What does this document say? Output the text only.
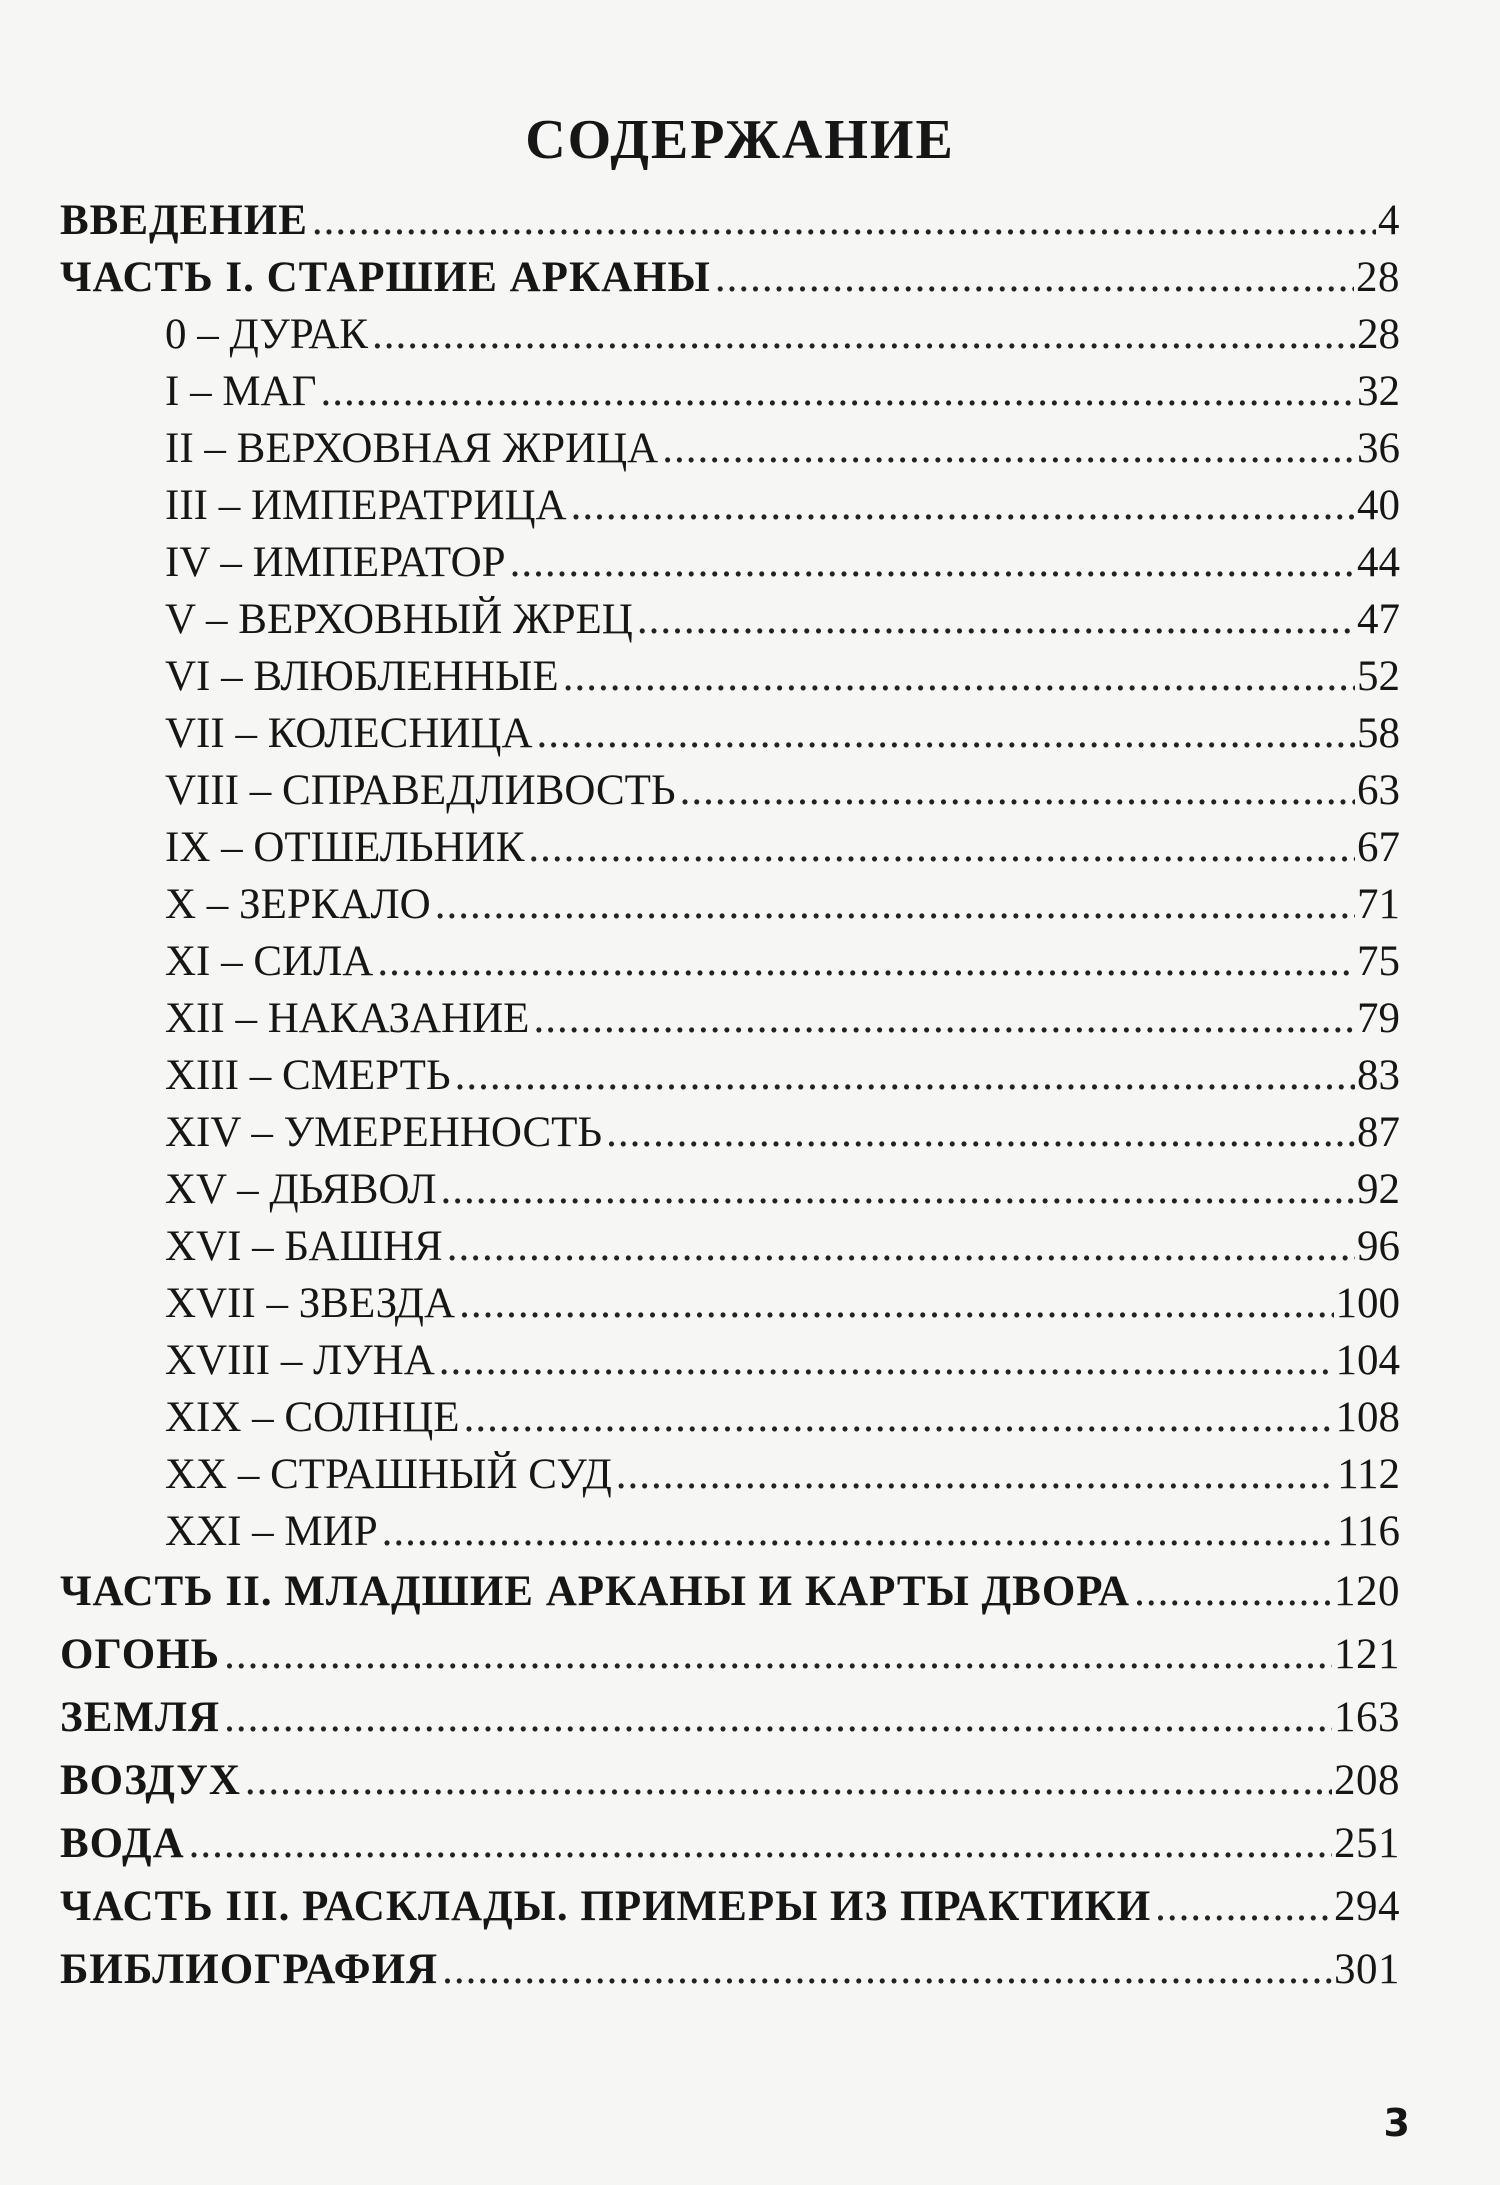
СОДЕРЖАНИЕ
ВВЕДЕНИЕ .....	4
ЧАСТЬ I. СТАРШИЕ АРКАНЫ .....	28
0 – ДУРАК .....	28
I – МАГ .....	32
II – ВЕРХОВНАЯ ЖРИЦА .....	36
III – ИМПЕРАТРИЦА .....	40
IV – ИМПЕРАТОР .....	44
V – ВЕРХОВНЫЙ ЖРЕЦ .....	47
VI – ВЛЮБЛЕННЫЕ .....	52
VII – КОЛЕСНИЦА .....	58
VIII – СПРАВЕДЛИВОСТЬ .....	63
IX – ОТШЕЛЬНИК .....	67
X – ЗЕРКАЛО .....	71
XI – СИЛА .....	75
XII – НАКАЗАНИЕ .....	79
XIII – СМЕРТЬ .....	83
XIV – УМЕРЕННОСТЬ .....	87
XV – ДЬЯВОЛ .....	92
XVI – БАШНЯ .....	96
XVII – ЗВЕЗДА .....	100
XVIII – ЛУНА .....	104
XIX – СОЛНЦЕ .....	108
XX – СТРАШНЫЙ СУД .....	112
XXI – МИР .....	116
ЧАСТЬ II. МЛАДШИЕ АРКАНЫ И КАРТЫ ДВОРА .....	120
ОГОНЬ .....	121
ЗЕМЛЯ .....	163
ВОЗДУХ .....	208
ВОДА .....	251
ЧАСТЬ III. РАСКЛАДЫ. ПРИМЕРЫ ИЗ ПРАКТИКИ .....	294
БИБЛИОГРАФИЯ .....	301
3
